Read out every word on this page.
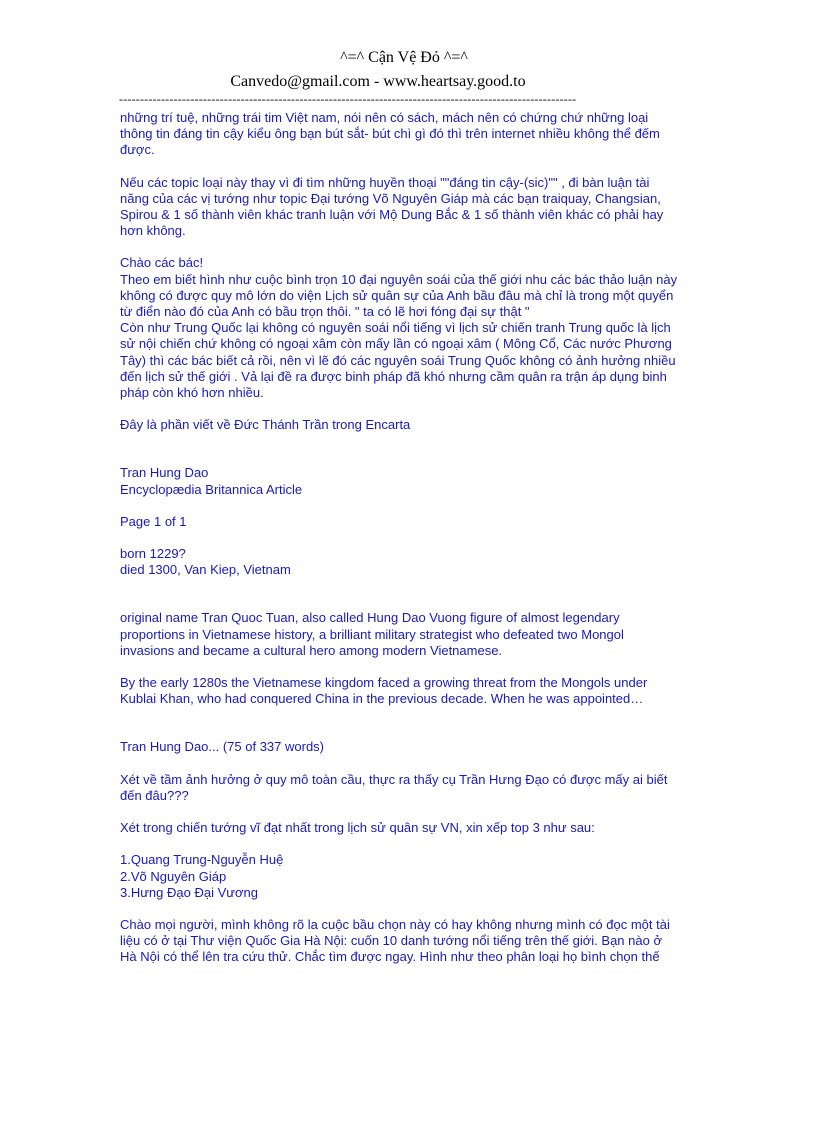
^=^ Cận Vệ Đỏ ^=^
Canvedo@gmail.com - www.heartsay.good.to
-------------------------------------------------------------------------------------------------------------
những trí tuệ, những trái tim Việt nam, nói nên có sách, mách nên có chứng chứ những loại
thông tin đáng tin cậy kiểu ông bạn bút sắt- bút chì gì đó thì trên internet nhiều không thể đếm
được.
Nếu các topic loại này thay vì đi tìm những huyền thoại ""đáng tin cậy-(sic)"" , đi bàn luận tài
năng của các vị tướng như topic Đại tướng Võ Nguyên Giáp mà các bạn traiquay, Changsian,
Spirou & 1 số thành viên khác tranh luận với Mộ Dung Bắc & 1 số thành viên khác có phải hay
hơn không.
Chào các bác!
Theo em biết hình như cuộc bình trọn 10 đại nguyên soái của thế giới nhu các bác thảo luận này
không có được quy mô lớn do viện Lịch sử quân sự của Anh bầu đâu mà chỉ là trong một quyển
từ điển nào đó của Anh có bầu trọn thôi. " ta có lẽ hơi fóng đại sự thật "
Còn như Trung Quốc lại không có nguyên soái nổi tiếng vì lịch sử chiến tranh Trung quốc là lịch
sử nội chiến chứ không có ngoại xâm còn mấy lần có ngoại xâm ( Mông Cổ, Các nước Phương
Tây) thì các bác biết cả rồi, nên vì lẽ đó các nguyên soái Trung Quốc không có ảnh hưởng nhiều
đến lịch sử thế giới . Vả lại đề ra được binh pháp đã khó nhưng cầm quân ra trận áp dụng binh
pháp còn khó hơn nhiều.
Đây là phần viết về Đức Thánh Trần trong Encarta
Tran Hung Dao
Encyclopædia Britannica Article
Page 1 of 1
born 1229?
died 1300, Van Kiep, Vietnam
original name Tran Quoc Tuan, also called Hung Dao Vuong figure of almost legendary
proportions in Vietnamese history, a brilliant military strategist who defeated two Mongol
invasions and became a cultural hero among modern Vietnamese.
By the early 1280s the Vietnamese kingdom faced a growing threat from the Mongols under
Kublai Khan, who had conquered China in the previous decade. When he was appointed…
Tran Hung Dao... (75 of 337 words)
Xét về tầm ảnh hưởng ở quy mô toàn cầu, thực ra thấy cụ Trần Hưng Đạo có được mấy ai biết
đến đâu???
Xét trong chiến tướng vĩ đạt nhất trong lịch sử quân sự VN, xin xếp top 3 như sau:
1.Quang Trung-Nguyễn Huệ
2.Võ Nguyên Giáp
3.Hưng Đạo Đại Vương
Chào mọi người, mình không rõ la cuộc bầu chọn này có hay không nhưng mình có đọc một tài
liệu có ở tại Thư viện Quốc Gia Hà Nội: cuốn 10 danh tướng nổi tiếng trên thế giới. Bạn nào ở
Hà Nội có thể lên tra cứu thử. Chắc tìm được ngay. Hình như theo phân loại họ bình chọn thế
